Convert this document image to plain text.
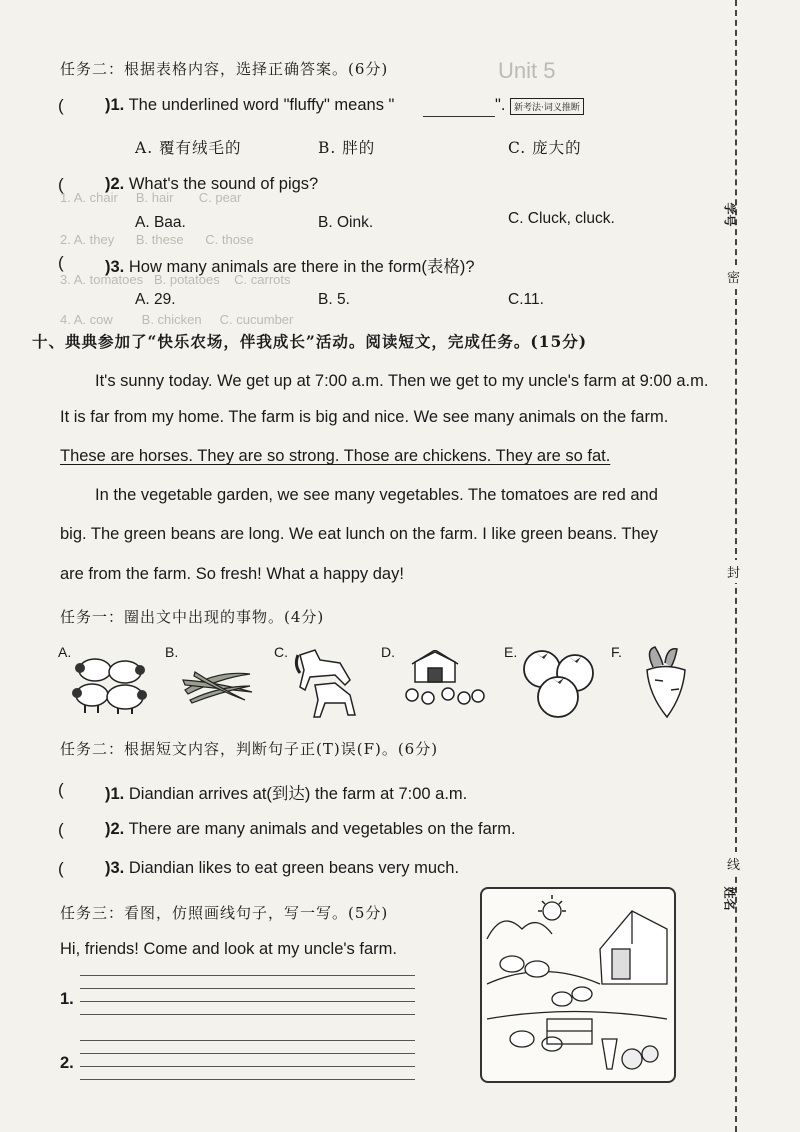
Unit 5
1. A. chair     B. hair       C. pear
2. A. they      B. these      C. those
3. A. tomatoes   B. potatoes    C. carrots
4. A. cow        B. chicken     C. cucumber
密
封
线
学号
姓名
任务二：根据表格内容，选择正确答案。(6分)
(	)1. The underlined word "fluffy" means "	". 新考法·词义推断
A. 覆有绒毛的	B. 胖的	C. 庞大的
(	)2. What's the sound of pigs?
A. Baa.	B. Oink.	C. Cluck, cluck.
(	)3. How many animals are there in the form(表格)?
A. 29.	B. 5.	C.11.
十、典典参加了“快乐农场，伴我成长”活动。阅读短文，完成任务。(15分)
It's sunny today. We get up at 7:00 a.m. Then we get to my uncle's farm at 9:00 a.m.
It is far from my home. The farm is big and nice. We see many animals on the farm.
These are horses. They are so strong. Those are chickens. They are so fat.
In the vegetable garden, we see many vegetables. The tomatoes are red and
big. The green beans are long. We eat lunch on the farm. I like green beans. They
are from the farm. So fresh! What a happy day!
任务一：圈出文中出现的事物。(4分)
A.	B.	C.	D.	E.	F.
任务二：根据短文内容，判断句子正(T)误(F)。(6分)
(	)1. Diandian arrives at(到达) the farm at 7:00 a.m.
(	)2. There are many animals and vegetables on the farm.
(	)3. Diandian likes to eat green beans very much.
任务三：看图，仿照画线句子，写一写。(5分)
Hi, friends! Come and look at my uncle's farm.
1.
2.
